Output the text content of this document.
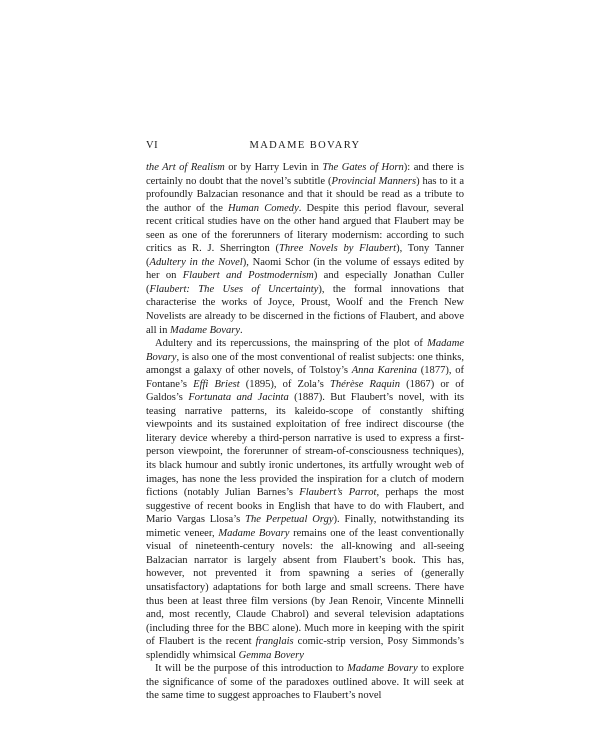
VI	MADAME BOVARY

the Art of Realism or by Harry Levin in The Gates of Horn): and there is certainly no doubt that the novel’s subtitle (Provincial Manners) has to it a profoundly Balzacian resonance and that it should be read as a tribute to the author of the Human Comedy. Despite this period flavour, several recent critical studies have on the other hand argued that Flaubert may be seen as one of the forerunners of literary modernism: according to such critics as R. J. Sherrington (Three Novels by Flaubert), Tony Tanner (Adultery in the Novel), Naomi Schor (in the volume of essays edited by her on Flaubert and Postmodernism) and especially Jonathan Culler (Flaubert: The Uses of Uncertainty), the formal innovations that characterise the works of Joyce, Proust, Woolf and the French New Novelists are already to be discerned in the fictions of Flaubert, and above all in Madame Bovary.

Adultery and its repercussions, the mainspring of the plot of Madame Bovary, is also one of the most conventional of realist subjects: one thinks, amongst a galaxy of other novels, of Tolstoy’s Anna Karenina (1877), of Fontane’s Effi Briest (1895), of Zola’s Thérèse Raquin (1867) or of Galdos’s Fortunata and Jacinta (1887). But Flaubert’s novel, with its teasing narrative patterns, its kaleido-scope of constantly shifting viewpoints and its sustained exploitation of free indirect discourse (the literary device whereby a third-person narrative is used to express a first-person viewpoint, the forerunner of stream-of-consciousness techniques), its black humour and subtly ironic undertones, its artfully wrought web of images, has none the less provided the inspiration for a clutch of modern fictions (notably Julian Barnes’s Flaubert’s Parrot, perhaps the most suggestive of recent books in English that have to do with Flaubert, and Mario Vargas Llosa’s The Perpetual Orgy). Finally, notwithstanding its mimetic veneer, Madame Bovary remains one of the least conventionally visual of nineteenth-century novels: the all-knowing and all-seeing Balzacian narrator is largely absent from Flaubert’s book. This has, however, not prevented it from spawning a series of (generally unsatisfactory) adaptations for both large and small screens. There have thus been at least three film versions (by Jean Renoir, Vincente Minnelli and, most recently, Claude Chabrol) and several television adaptations (including three for the BBC alone). Much more in keeping with the spirit of Flaubert is the recent franglais comic-strip version, Posy Simmonds’s splendidly whimsical Gemma Bovery

It will be the purpose of this introduction to Madame Bovary to explore the significance of some of the paradoxes outlined above. It will seek at the same time to suggest approaches to Flaubert’s novel
